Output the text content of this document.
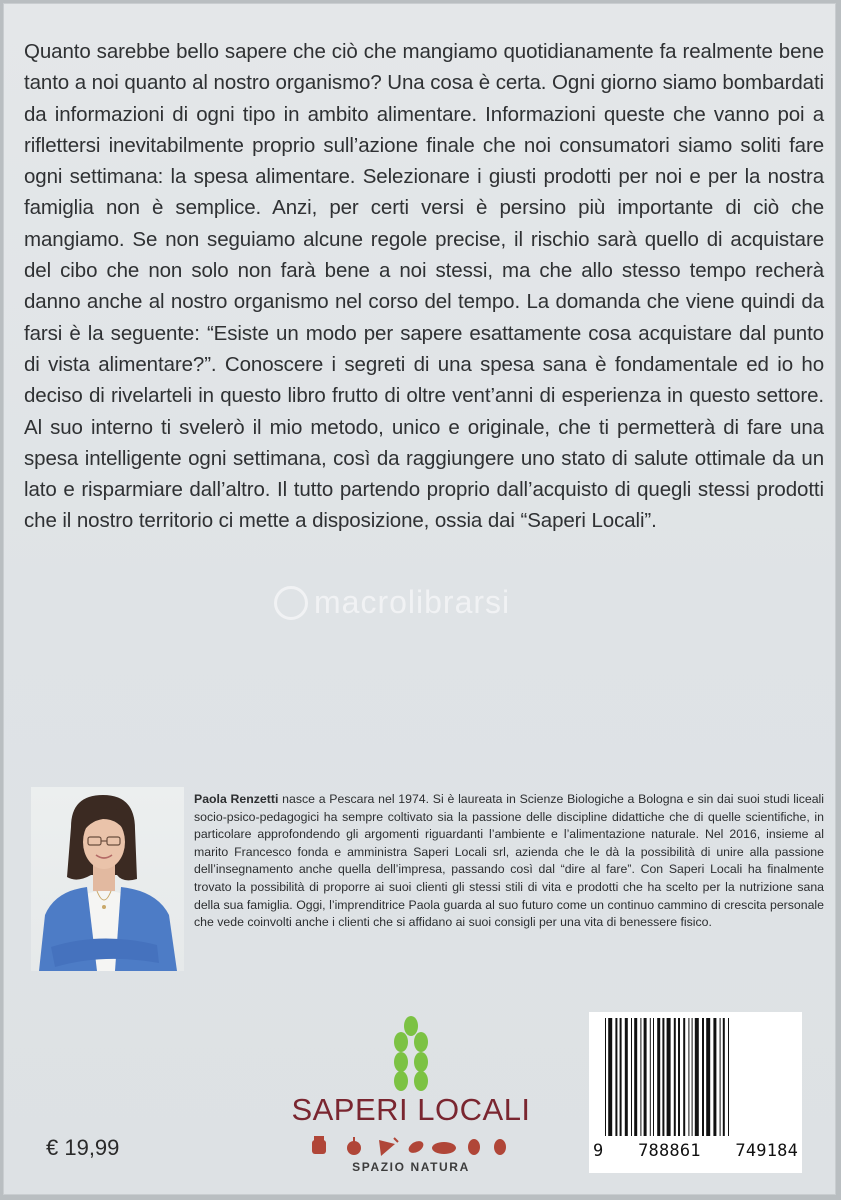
Quanto sarebbe bello sapere che ciò che mangiamo quotidianamente fa realmente bene tanto a noi quanto al nostro organismo? Una cosa è certa. Ogni giorno siamo bombardati da informazioni di ogni tipo in ambito alimentare. Informazioni queste che vanno poi a riflettersi inevitabilmente proprio sull’azione finale che noi consumatori siamo soliti fare ogni settimana: la spesa alimentare. Selezionare i giusti prodotti per noi e per la nostra famiglia non è semplice. Anzi, per certi versi è persino più importante di ciò che mangiamo. Se non seguiamo alcune regole precise, il rischio sarà quello di acquistare del cibo che non solo non farà bene a noi stessi, ma che allo stesso tempo recherà danno anche al nostro organismo nel corso del tempo. La domanda che viene quindi da farsi è la seguente: “Esiste un modo per sapere esattamente cosa acquistare dal punto di vista alimentare?”. Conoscere i segreti di una spesa sana è fondamentale ed io ho deciso di rivelarteli in questo libro frutto di oltre vent’anni di esperienza in questo settore. Al suo interno ti svelerò il mio metodo, unico e originale, che ti permetterà di fare una spesa intelligente ogni settimana, così da raggiungere uno stato di salute ottimale da un lato e risparmiare dall’altro. Il tutto partendo proprio dall’acquisto di quegli stessi prodotti che il nostro territorio ci mette a disposizione, ossia dai “Saperi Locali”.

macrolibrarsi

Paola Renzetti nasce a Pescara nel 1974. Si è laureata in Scienze Biologiche a Bologna e sin dai suoi studi liceali socio-psico-pedagogici ha sempre coltivato sia la passione delle discipline didattiche che di quelle scientifiche, in particolare approfondendo gli argomenti riguardanti l’ambiente e l’alimentazione naturale. Nel 2016, insieme al marito Francesco fonda e amministra Saperi Locali srl, azienda che le dà la possibilità di unire alla passione dell’insegnamento anche quella dell’impresa, passando così dal “dire al fare”. Con Saperi Locali ha finalmente trovato la possibilità di proporre ai suoi clienti gli stessi stili di vita e prodotti che ha scelto per la nutrizione sana della sua famiglia. Oggi, l’imprenditrice Paola guarda al suo futuro come un continuo cammino di crescita personale che vede coinvolti anche i clienti che si affidano ai suoi consigli per una vita di benessere fisico.

SAPERI LOCALI

SPAZIO NATURA

€ 19,99	9 788861 749184
